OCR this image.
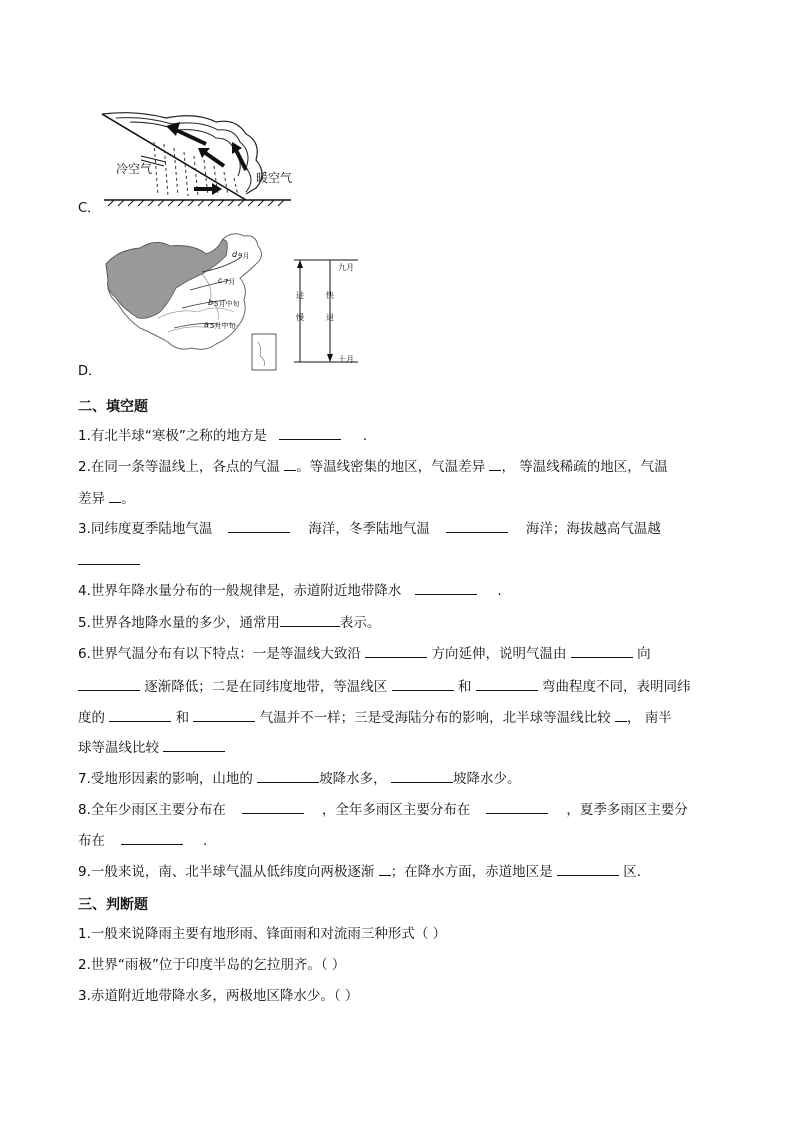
冷空气
暖空气
C．
d 9月
c 7月
b 5月中旬
a 5月中旬
九月
十月
进
慢
快
退
D．
二、填空题
1.有北半球“寒极”之称的地方是	.
2.在同一条等温线上，各点的气温 。等温线密集的地区，气温差异 ， 等温线稀疏的地区，气温
差异 。
3.同纬度夏季陆地气温	海洋，冬季陆地气温	海洋；海拔越高气温越
4.世界年降水量分布的一般规律是，赤道附近地带降水	.
5.世界各地降水量的多少，通常用	表示。
6.世界气温分布有以下特点：一是等温线大致沿	方向延伸，说明气温由	向
逐渐降低；二是在同纬度地带，等温线区	和	弯曲程度不同，表明同纬
度的	和	气温并不一样；三是受海陆分布的影响，北半球等温线比较 ， 南半
球等温线比较
7.受地形因素的影响，山地的	坡降水多，	坡降水少。
8.全年少雨区主要分布在	，全年多雨区主要分布在	，夏季多雨区主要分
布在	.
9.一般来说，南、北半球气温从低纬度向两极逐渐 ；在降水方面，赤道地区是	区.
三、判断题
1.一般来说降雨主要有地形雨、锋面雨和对流雨三种形式（ ）
2.世界“雨极”位于印度半岛的乞拉朋齐。（ ）
3.赤道附近地带降水多，两极地区降水少。（ ）
